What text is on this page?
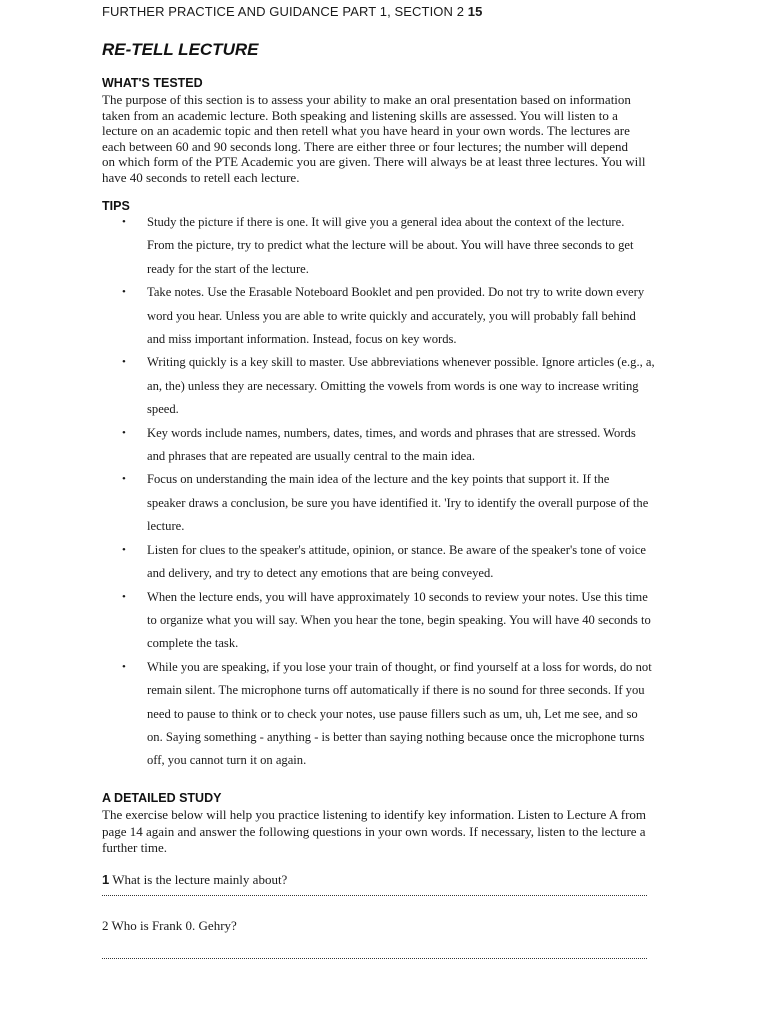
FURTHER PRACTICE AND GUIDANCE PART 1, SECTION 2 15
RE-TELL LECTURE
WHAT'S TESTED
The purpose of this section is to assess your ability to make an oral presentation based on information
taken from an academic lecture. Both speaking and listening skills are assessed. You will listen to a
lecture on an academic topic and then retell what you have heard in your own words. The lectures are
each between 60 and 90 seconds long. There are either three or four lectures; the number will depend
on which form of the PTE Academic you are given. There will always be at least three lectures. You will
have 40 seconds to retell each lecture.
TIPS
• Study the picture if there is one. It will give you a general idea about the context of the lecture.
From the picture, try to predict what the lecture will be about. You will have three seconds to get
ready for the start of the lecture.
• Take notes. Use the Erasable Noteboard Booklet and pen provided. Do not try to write down every
word you hear. Unless you are able to write quickly and accurately, you will probably fall behind
and miss important information. Instead, focus on key words.
• Writing quickly is a key skill to master. Use abbreviations whenever possible. Ignore articles (e.g., a,
an, the) unless they are necessary. Omitting the vowels from words is one way to increase writing
speed.
• Key words include names, numbers, dates, times, and words and phrases that are stressed. Words
and phrases that are repeated are usually central to the main idea.
• Focus on understanding the main idea of the lecture and the key points that support it. If the
speaker draws a conclusion, be sure you have identified it. 'Iry to identify the overall purpose of the
lecture.
• Listen for clues to the speaker's attitude, opinion, or stance. Be aware of the speaker's tone of voice
and delivery, and try to detect any emotions that are being conveyed.
• When the lecture ends, you will have approximately 10 seconds to review your notes. Use this time
to organize what you will say. When you hear the tone, begin speaking. You will have 40 seconds to
complete the task.
• While you are speaking, if you lose your train of thought, or find yourself at a loss for words, do not
remain silent. The microphone turns off automatically if there is no sound for three seconds. If you
need to pause to think or to check your notes, use pause fillers such as um, uh, Let me see, and so
on. Saying something - anything - is better than saying nothing because once the microphone turns
off, you cannot turn it on again.
A DETAILED STUDY
The exercise below will help you practice listening to identify key information. Listen to Lecture A from
page 14 again and answer the following questions in your own words. If necessary, listen to the lecture a
further time.
1 What is the lecture mainly about?
2 Who is Frank 0. Gehry?
